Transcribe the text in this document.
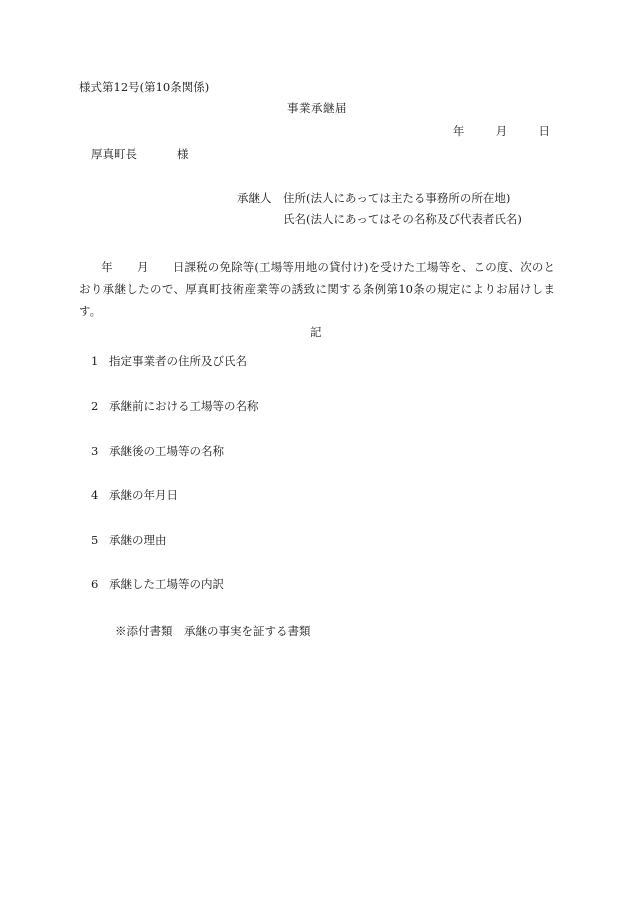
様式第12号(第10条関係)
事業承継届
年	月	日
厚真町長	様
承継人 住所(法人にあっては主たる事務所の所在地)
氏名(法人にあってはその名称及び代表者氏名)
年 月 日課税の免除等(工場等用地の貸付け)を受けた工場等を、この度、次のとおり承継したので、厚真町技術産業等の誘致に関する条例第10条の規定によりお届けします。
記
1 指定事業者の住所及び氏名
2 承継前における工場等の名称
3 承継後の工場等の名称
4 承継の年月日
5 承継の理由
6 承継した工場等の内訳
※添付書類　承継の事実を証する書類
